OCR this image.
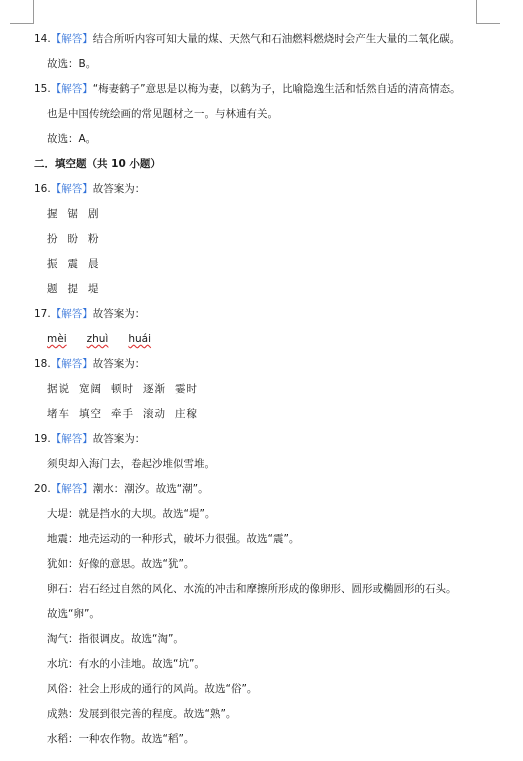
14.【解答】结合所听内容可知大量的煤、天然气和石油燃料燃烧时会产生大量的二氧化碳。
故选：B。
15.【解答】“梅妻鹤子”意思是以梅为妻，以鹤为子，比喻隐逸生活和恬然自适的清高情态。
也是中国传统绘画的常见题材之一。与林逋有关。
故选：A。
二．填空题（共 10 小题）
16.【解答】故答案为：
握 锯 剧
扮 盼 粉
振 震 晨
题 提 堤
17.【解答】故答案为：
mèi zhuì huái
18.【解答】故答案为：
据说 宽阔 顿时 逐渐 霎时
堵车 填空 牵手 滚动 庄稼
19.【解答】故答案为：
须臾却入海门去，卷起沙堆似雪堆。
20.【解答】潮水：潮汐。故选“潮”。
大堤：就是挡水的大坝。故选“堤”。
地震：地壳运动的一种形式，破坏力很强。故选“震”。
犹如：好像的意思。故选“犹”。
卵石：岩石经过自然的风化、水流的冲击和摩擦所形成的像卵形、圆形或椭圆形的石头。
故选“卵”。
淘气：指很调皮。故选“淘”。
水坑：有水的小洼地。故选“坑”。
风俗：社会上形成的通行的风尚。故选“俗”。
成熟：发展到很完善的程度。故选“熟”。
水稻：一种农作物。故选“稻”。
